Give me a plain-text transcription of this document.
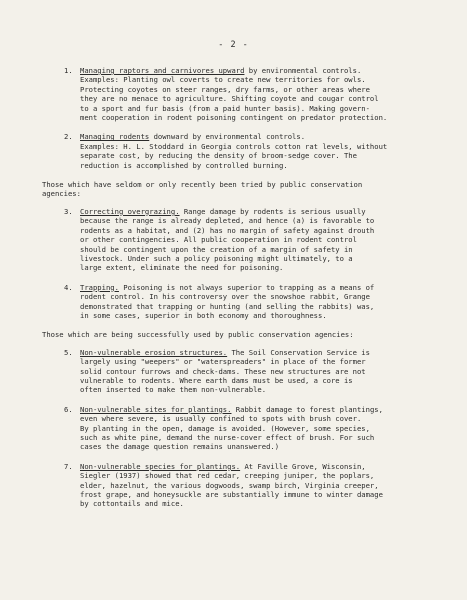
- 2 -
1. Managing raptors and carnivores upward by environmental controls.
Examples: Planting owl coverts to create new territories for owls.
Protecting coyotes on steer ranges, dry farms, or other areas where
they are no menace to agriculture. Shifting coyote and cougar control
to a sport and fur basis (from a paid hunter basis). Making govern-
ment cooperation in rodent poisoning contingent on predator protection.
2. Managing rodents downward by environmental controls.
Examples: H. L. Stoddard in Georgia controls cotton rat levels, without
separate cost, by reducing the density of broom-sedge cover. The
reduction is accomplished by controlled burning.
Those which have seldom or only recently been tried by public conservation
agencies:
3. Correcting overgrazing. Range damage by rodents is serious usually
because the range is already depleted, and hence (a) is favorable to
rodents as a habitat, and (2) has no margin of safety against drouth
or other contingencies. All public cooperation in rodent control
should be contingent upon the creation of a margin of safety in
livestock. Under such a policy poisoning might ultimately, to a
large extent, eliminate the need for poisoning.
4. Trapping. Poisoning is not always superior to trapping as a means of
rodent control. In his controversy over the snowshoe rabbit, Grange
demonstrated that trapping or hunting (and selling the rabbits) was,
in some cases, superior in both economy and thoroughness.
Those which are being successfully used by public conservation agencies:
5. Non-vulnerable erosion structures. The Soil Conservation Service is
largely using "weepers" or "waterspreaders" in place of the former
solid contour furrows and check-dams. These new structures are not
vulnerable to rodents. Where earth dams must be used, a core is
often inserted to make them non-vulnerable.
6. Non-vulnerable sites for plantings. Rabbit damage to forest plantings,
even where severe, is usually confined to spots with brush cover.
By planting in the open, damage is avoided. (However, some species,
such as white pine, demand the nurse-cover effect of brush. For such
cases the damage question remains unanswered.)
7. Non-vulnerable species for plantings. At Faville Grove, Wisconsin,
Siegler (1937) showed that red cedar, creeping juniper, the poplars,
elder, hazelnut, the various dogwoods, swamp birch, Virginia creeper,
frost grape, and honeysuckle are substantially immune to winter damage
by cottontails and mice.
